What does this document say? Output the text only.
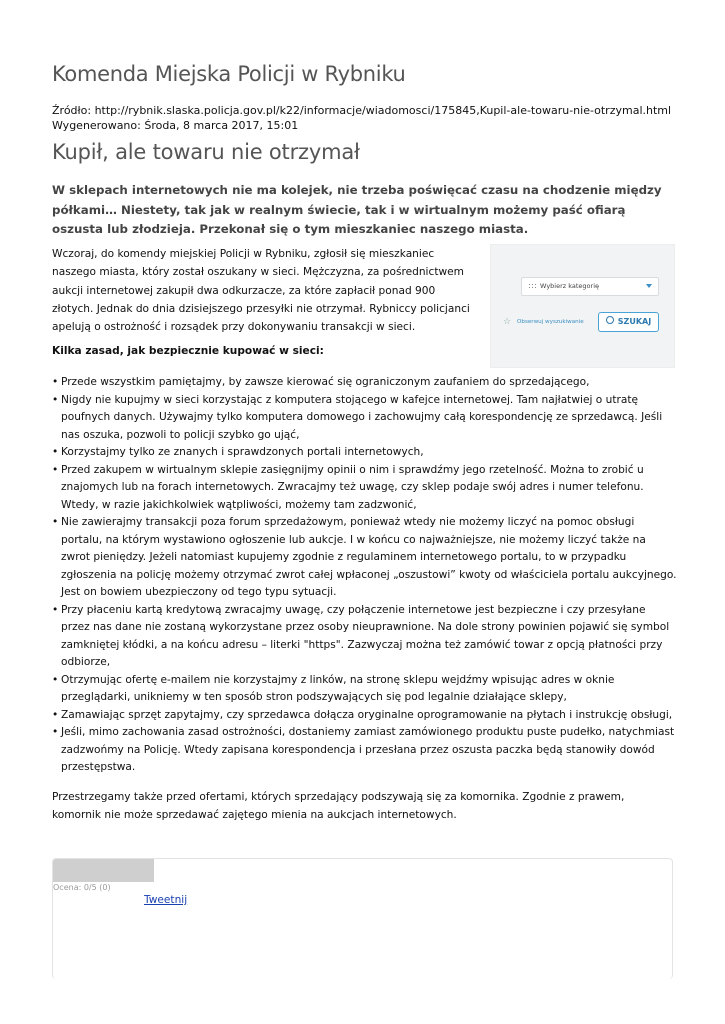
Komenda Miejska Policji w Rybniku
Źródło: http://rybnik.slaska.policja.gov.pl/k22/informacje/wiadomosci/175845,Kupil-ale-towaru-nie-otrzymal.html
Wygenerowano: Środa, 8 marca 2017, 15:01
Kupił, ale towaru nie otrzymał

W sklepach internetowych nie ma kolejek, nie trzeba poświęcać czasu na chodzenie między półkami… Niestety, tak jak w realnym świecie, tak i w wirtualnym możemy paść ofiarą oszusta lub złodzieja. Przekonał się o tym mieszkaniec naszego miasta.

Wczoraj, do komendy miejskiej Policji w Rybniku, zgłosił się mieszkaniec naszego miasta, który został oszukany w sieci. Mężczyzna, za pośrednictwem aukcji internetowej zakupił dwa odkurzacze, za które zapłacił ponad 900 złotych. Jednak do dnia dzisiejszego przesyłki nie otrzymał. Rybniccy policjanci apelują o ostrożność i rozsądek przy dokonywaniu transakcji w sieci.

Wybierz kategorię
☆ Obserwuj wyszukiwanie	SZUKAJ

Kilka zasad, jak bezpiecznie kupować w sieci:

• Przede wszystkim pamiętajmy, by zawsze kierować się ograniczonym zaufaniem do sprzedającego,
• Nigdy nie kupujmy w sieci korzystając z komputera stojącego w kafejce internetowej. Tam najłatwiej o utratę poufnych danych. Używajmy tylko komputera domowego i zachowujmy całą korespondencję ze sprzedawcą. Jeśli nas oszuka, pozwoli to policji szybko go ująć,
• Korzystajmy tylko ze znanych i sprawdzonych portali internetowych,
• Przed zakupem w wirtualnym sklepie zasięgnijmy opinii o nim i sprawdźmy jego rzetelność. Można to zrobić u znajomych lub na forach internetowych. Zwracajmy też uwagę, czy sklep podaje swój adres i numer telefonu. Wtedy, w razie jakichkolwiek wątpliwości, możemy tam zadzwonić,
• Nie zawierajmy transakcji poza forum sprzedażowym, ponieważ wtedy nie możemy liczyć na pomoc obsługi portalu, na którym wystawiono ogłoszenie lub aukcje. I w końcu co najważniejsze, nie możemy liczyć także na zwrot pieniędzy. Jeżeli natomiast kupujemy zgodnie z regulaminem internetowego portalu, to w przypadku zgłoszenia na policję możemy otrzymać zwrot całej wpłaconej „oszustowi” kwoty od właściciela portalu aukcyjnego. Jest on bowiem ubezpieczony od tego typu sytuacji.
• Przy płaceniu kartą kredytową zwracajmy uwagę, czy połączenie internetowe jest bezpieczne i czy przesyłane przez nas dane nie zostaną wykorzystane przez osoby nieuprawnione. Na dole strony powinien pojawić się symbol zamkniętej kłódki, a na końcu adresu – literki "https". Zazwyczaj można też zamówić towar z opcją płatności przy odbiorze,
• Otrzymując ofertę e-mailem nie korzystajmy z linków, na stronę sklepu wejdźmy wpisując adres w oknie przeglądarki, unikniemy w ten sposób stron podszywających się pod legalnie działające sklepy,
• Zamawiając sprzęt zapytajmy, czy sprzedawca dołącza oryginalne oprogramowanie na płytach i instrukcję obsługi,
• Jeśli, mimo zachowania zasad ostrożności, dostaniemy zamiast zamówionego produktu puste pudełko, natychmiast zadzwońmy na Policję. Wtedy zapisana korespondencja i przesłana przez oszusta paczka będą stanowiły dowód przestępstwa.

Przestrzegamy także przed ofertami, których sprzedający podszywają się za komornika. Zgodnie z prawem, komornik nie może sprzedawać zajętego mienia na aukcjach internetowych.

Ocena: 0/5 (0)
Tweetnij
